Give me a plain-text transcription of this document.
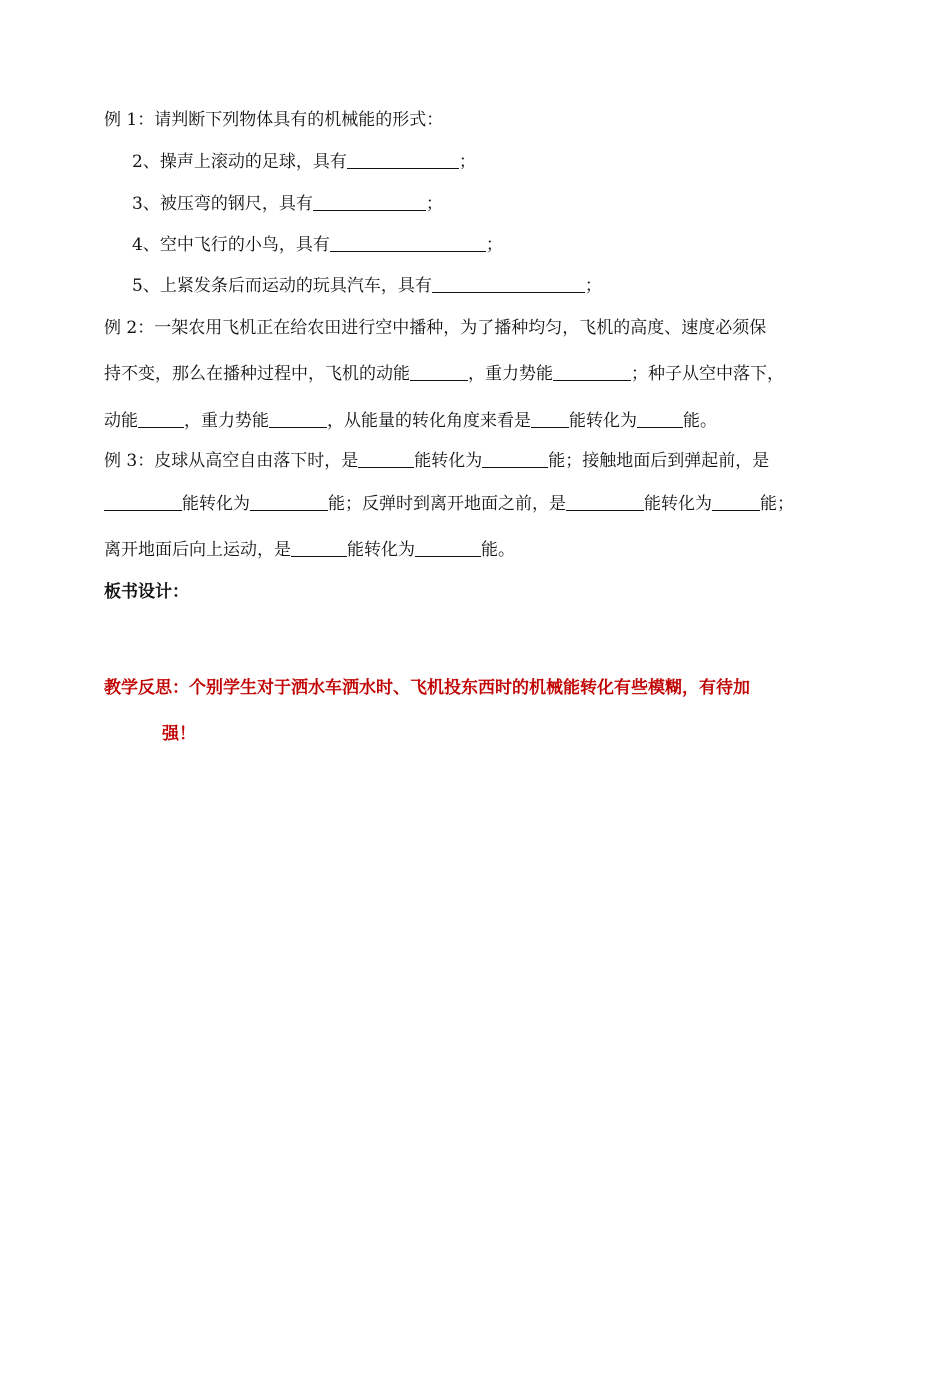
例 1：请判断下列物体具有的机械能的形式：
2、操声上滚动的足球，具有	；
3、被压弯的钢尺，具有	；
4、空中飞行的小鸟，具有	；
5、上紧发条后而运动的玩具汽车，具有	；
例 2：一架农用飞机正在给农田进行空中播种，为了播种均匀，飞机的高度、速度必须保
持不变，那么在播种过程中，飞机的动能	，重力势能	；种子从空中落下，
动能	，重力势能	，从能量的转化角度来看是 能转化为	能。
例 3：皮球从高空自由落下时，是	能转化为	能；接触地面后到弹起前，是
能转化为	能；反弹时到离开地面之前，是	能转化为	能；
离开地面后向上运动，是	能转化为	能。
板书设计：
教学反思：个别学生对于洒水车洒水时、飞机投东西时的机械能转化有些模糊，有待加
强！
